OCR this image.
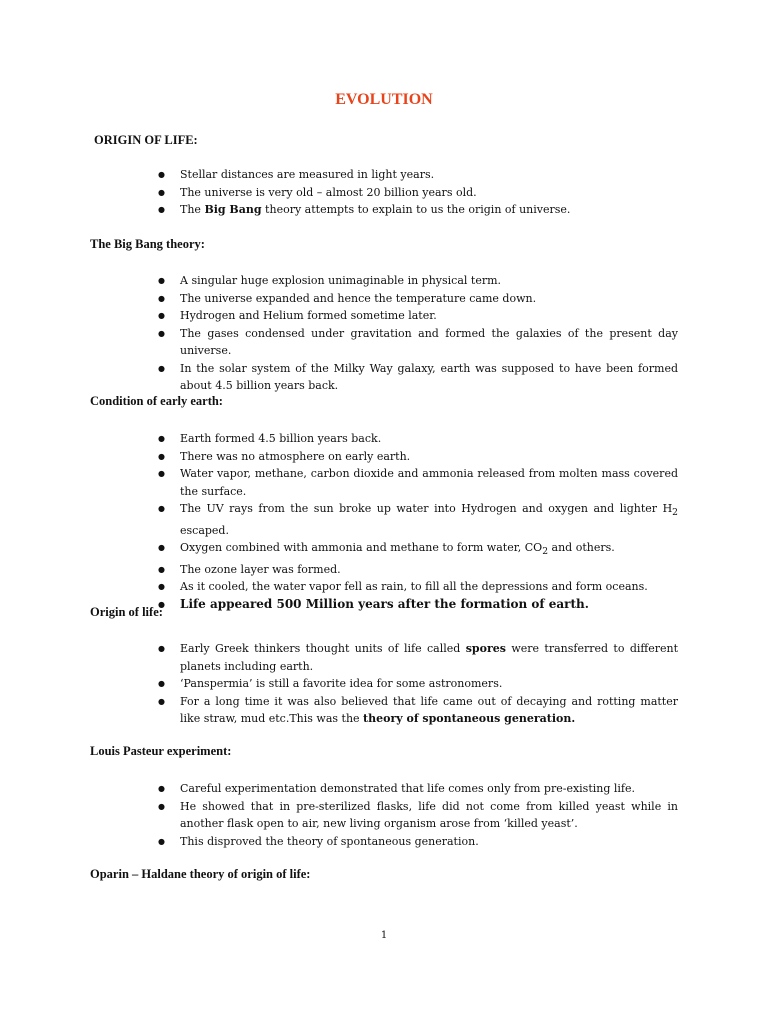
EVOLUTION
ORIGIN OF LIFE:
● Stellar distances are measured in light years.
● The universe is very old – almost 20 billion years old.
● The Big Bang theory attempts to explain to us the origin of universe.
The Big Bang theory:
● A singular huge explosion unimaginable in physical term.
● The universe expanded and hence the temperature came down.
● Hydrogen and Helium formed sometime later.
● The gases condensed under gravitation and formed the galaxies of the present day universe.
● In the solar system of the Milky Way galaxy, earth was supposed to have been formed about 4.5 billion years back.
Condition of early earth:
● Earth formed 4.5 billion years back.
● There was no atmosphere on early earth.
● Water vapor, methane, carbon dioxide and ammonia released from molten mass covered the surface.
● The UV rays from the sun broke up water into Hydrogen and oxygen and lighter $H_2$ escaped.
● Oxygen combined with ammonia and methane to form water, $CO_2$ and others.
● The ozone layer was formed.
● As it cooled, the water vapor fell as rain, to fill all the depressions and form oceans.
● Life appeared 500 Million years after the formation of earth.
Origin of life:
● Early Greek thinkers thought units of life called spores were transferred to different planets including earth.
● ‘Panspermia’ is still a favorite idea for some astronomers.
● For a long time it was also believed that life came out of decaying and rotting matter like straw, mud etc.This was the theory of spontaneous generation.
Louis Pasteur experiment:
● Careful experimentation demonstrated that life comes only from pre-existing life.
● He showed that in pre-sterilized flasks, life did not come from killed yeast while in another flask open to air, new living organism arose from ‘killed yeast’.
● This disproved the theory of spontaneous generation.
Oparin – Haldane theory of origin of life:
1
